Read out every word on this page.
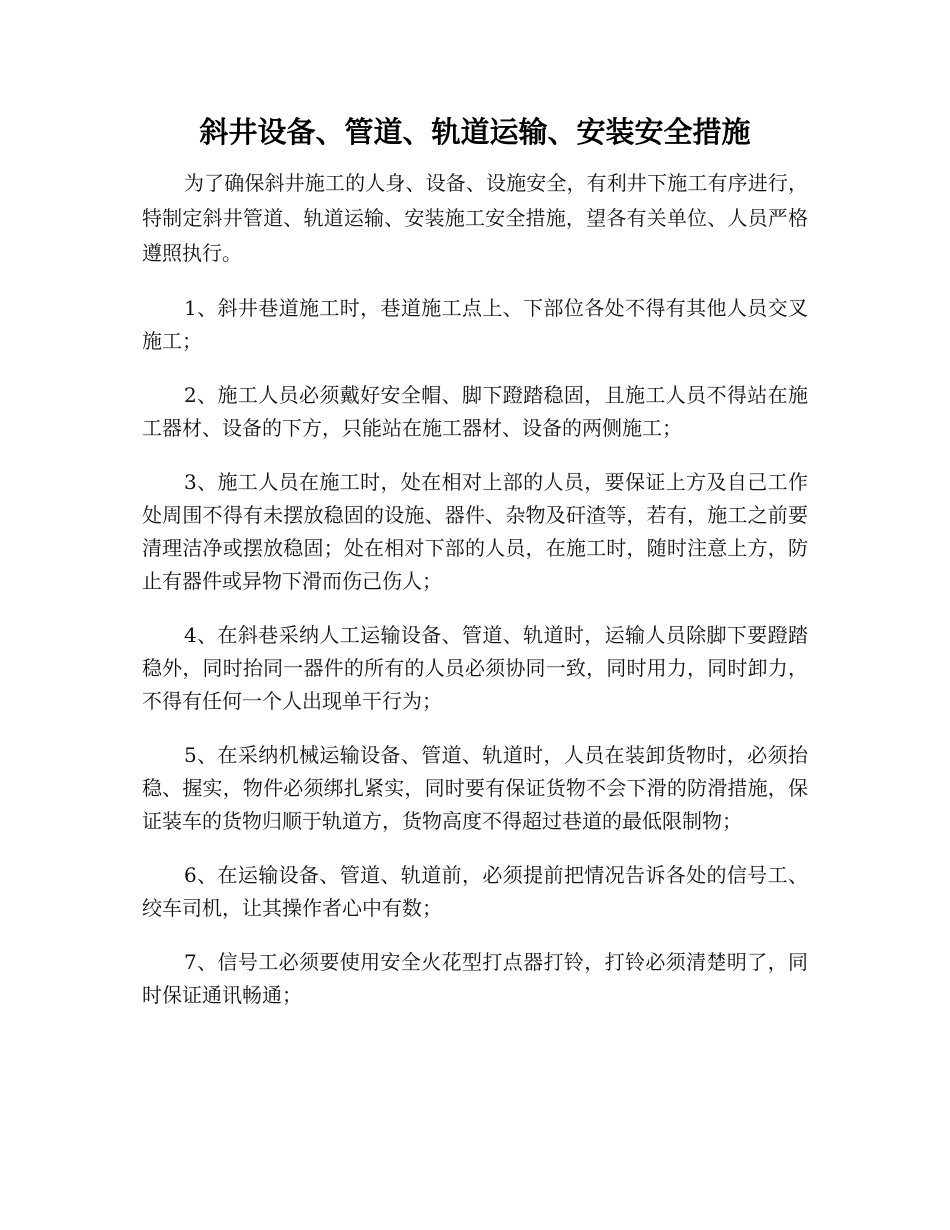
斜井设备、管道、轨道运输、安装安全措施

为了确保斜井施工的人身、设备、设施安全，有利井下施工有序进行，特制定斜井管道、轨道运输、安装施工安全措施，望各有关单位、人员严格遵照执行。

1、斜井巷道施工时，巷道施工点上、下部位各处不得有其他人员交叉施工；

2、施工人员必须戴好安全帽、脚下蹬踏稳固，且施工人员不得站在施工器材、设备的下方，只能站在施工器材、设备的两侧施工；

3、施工人员在施工时，处在相对上部的人员，要保证上方及自己工作处周围不得有未摆放稳固的设施、器件、杂物及矸渣等，若有，施工之前要清理洁净或摆放稳固；处在相对下部的人员，在施工时，随时注意上方，防止有器件或异物下滑而伤己伤人；

4、在斜巷采纳人工运输设备、管道、轨道时，运输人员除脚下要蹬踏稳外，同时抬同一器件的所有的人员必须协同一致，同时用力，同时卸力，不得有任何一个人出现单干行为；

5、在采纳机械运输设备、管道、轨道时，人员在装卸货物时，必须抬稳、握实，物件必须绑扎紧实，同时要有保证货物不会下滑的防滑措施，保证装车的货物归顺于轨道方，货物高度不得超过巷道的最低限制物；

6、在运输设备、管道、轨道前，必须提前把情况告诉各处的信号工、绞车司机，让其操作者心中有数；

7、信号工必须要使用安全火花型打点器打铃，打铃必须清楚明了，同时保证通讯畅通；
